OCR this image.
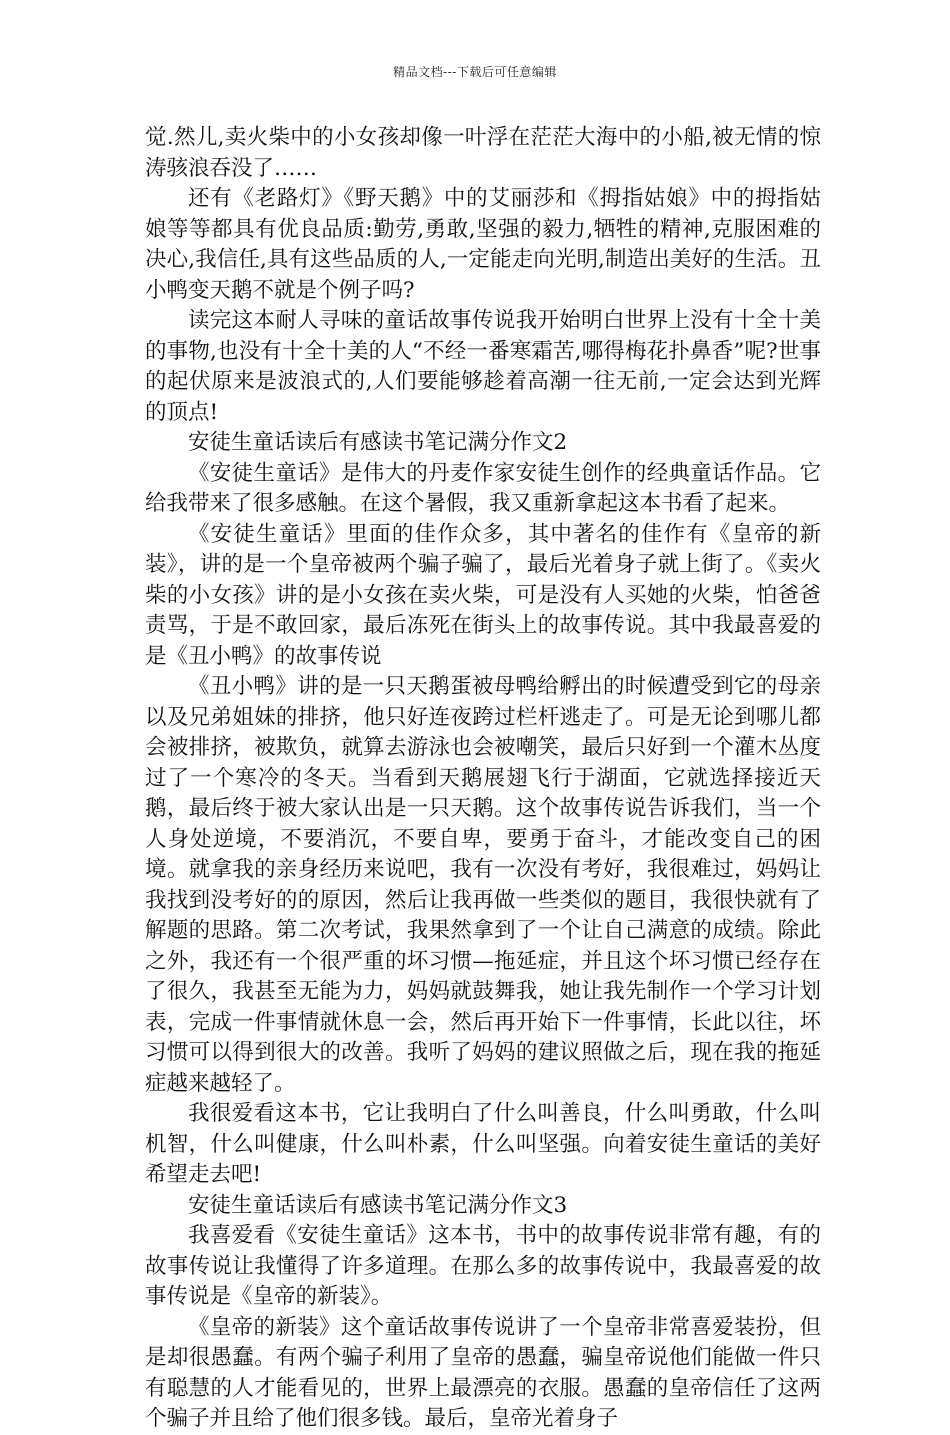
精品文档---下载后可任意编辑

觉.然儿,卖火柴中的小女孩却像一叶浮在茫茫大海中的小船,被无情的惊涛骇浪吞没了……

还有《老路灯》《野天鹅》中的艾丽莎和《拇指姑娘》中的拇指姑娘等等都具有优良品质:勤劳,勇敢,坚强的毅力,牺牲的精神,克服困难的决心,我信任,具有这些品质的人,一定能走向光明,制造出美好的生活。丑小鸭变天鹅不就是个例子吗?

读完这本耐人寻味的童话故事传说我开始明白世界上没有十全十美的事物,也没有十全十美的人“不经一番寒霜苦,哪得梅花扑鼻香”呢?世事的起伏原来是波浪式的,人们要能够趁着高潮一往无前,一定会达到光辉的顶点!

安徒生童话读后有感读书笔记满分作文2

《安徒生童话》是伟大的丹麦作家安徒生创作的经典童话作品。它给我带来了很多感触。在这个暑假，我又重新拿起这本书看了起来。

《安徒生童话》里面的佳作众多，其中著名的佳作有《皇帝的新装》，讲的是一个皇帝被两个骗子骗了，最后光着身子就上街了。《卖火柴的小女孩》讲的是小女孩在卖火柴，可是没有人买她的火柴，怕爸爸责骂，于是不敢回家，最后冻死在街头上的故事传说。其中我最喜爱的是《丑小鸭》的故事传说

《丑小鸭》讲的是一只天鹅蛋被母鸭给孵出的时候遭受到它的母亲以及兄弟姐妹的排挤，他只好连夜跨过栏杆逃走了。可是无论到哪儿都会被排挤，被欺负，就算去游泳也会被嘲笑，最后只好到一个灌木丛度过了一个寒冷的冬天。当看到天鹅展翅飞行于湖面，它就选择接近天鹅，最后终于被大家认出是一只天鹅。这个故事传说告诉我们，当一个人身处逆境，不要消沉，不要自卑，要勇于奋斗，才能改变自己的困境。就拿我的亲身经历来说吧，我有一次没有考好，我很难过，妈妈让我找到没考好的的原因，然后让我再做一些类似的题目，我很快就有了解题的思路。第二次考试，我果然拿到了一个让自己满意的成绩。除此之外，我还有一个很严重的坏习惯—拖延症，并且这个坏习惯已经存在了很久，我甚至无能为力，妈妈就鼓舞我，她让我先制作一个学习计划表，完成一件事情就休息一会，然后再开始下一件事情，长此以往，坏习惯可以得到很大的改善。我听了妈妈的建议照做之后，现在我的拖延症越来越轻了。

我很爱看这本书，它让我明白了什么叫善良，什么叫勇敢，什么叫机智，什么叫健康，什么叫朴素，什么叫坚强。向着安徒生童话的美好希望走去吧!

安徒生童话读后有感读书笔记满分作文3

我喜爱看《安徒生童话》这本书，书中的故事传说非常有趣，有的故事传说让我懂得了许多道理。在那么多的故事传说中，我最喜爱的故事传说是《皇帝的新装》。

《皇帝的新装》这个童话故事传说讲了一个皇帝非常喜爱装扮，但是却很愚蠢。有两个骗子利用了皇帝的愚蠢，骗皇帝说他们能做一件只有聪慧的人才能看见的，世界上最漂亮的衣服。愚蠢的皇帝信任了这两个骗子并且给了他们很多钱。最后，皇帝光着身子
